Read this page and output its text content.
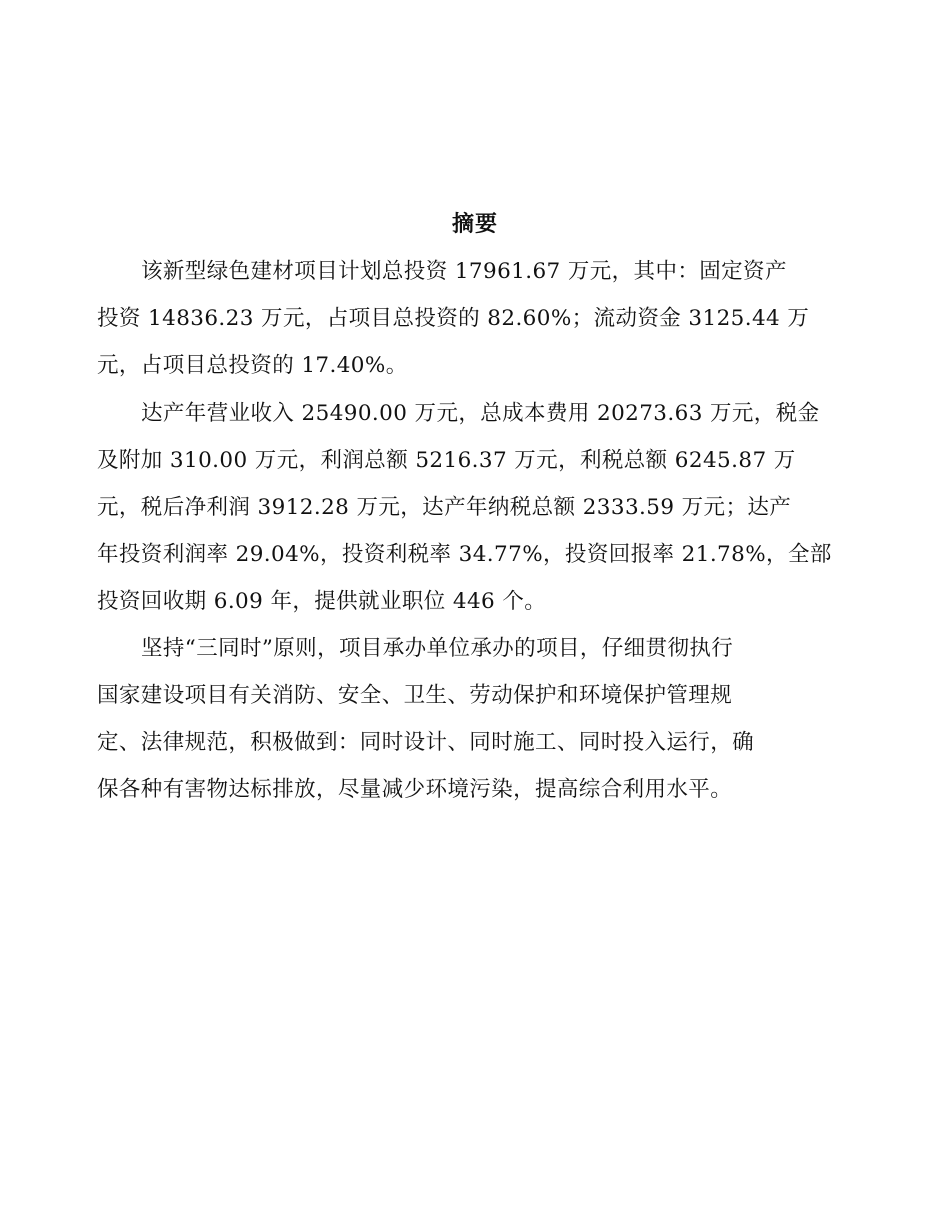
摘要
该新型绿色建材项目计划总投资 17961.67 万元，其中：固定资产
投资 14836.23 万元，占项目总投资的 82.60%；流动资金 3125.44 万
元，占项目总投资的 17.40%。
达产年营业收入 25490.00 万元，总成本费用 20273.63 万元，税金
及附加 310.00 万元，利润总额 5216.37 万元，利税总额 6245.87 万
元，税后净利润 3912.28 万元，达产年纳税总额 2333.59 万元；达产
年投资利润率 29.04%，投资利税率 34.77%，投资回报率 21.78%，全部
投资回收期 6.09 年，提供就业职位 446 个。
坚持“三同时”原则，项目承办单位承办的项目，仔细贯彻执行
国家建设项目有关消防、安全、卫生、劳动保护和环境保护管理规
定、法律规范，积极做到：同时设计、同时施工、同时投入运行，确
保各种有害物达标排放，尽量减少环境污染，提高综合利用水平。
